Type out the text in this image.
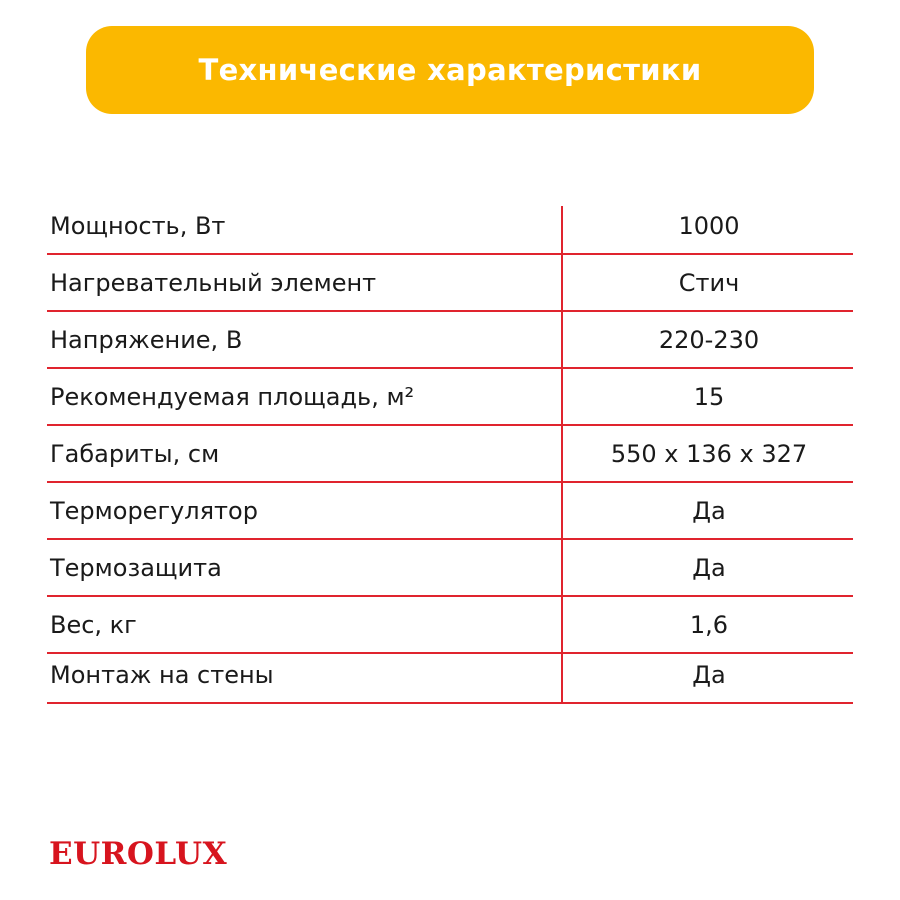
Технические характеристики
Мощность, Вт	1000
Нагревательный элемент	Стич
Напряжение, В	220-230
Рекомендуемая площадь, м²	15
Габариты, см	550 х 136 х 327
Терморегулятор	Да
Термозащита	Да
Вес, кг	1,6
Монтаж на стены	Да
EUROLUX
